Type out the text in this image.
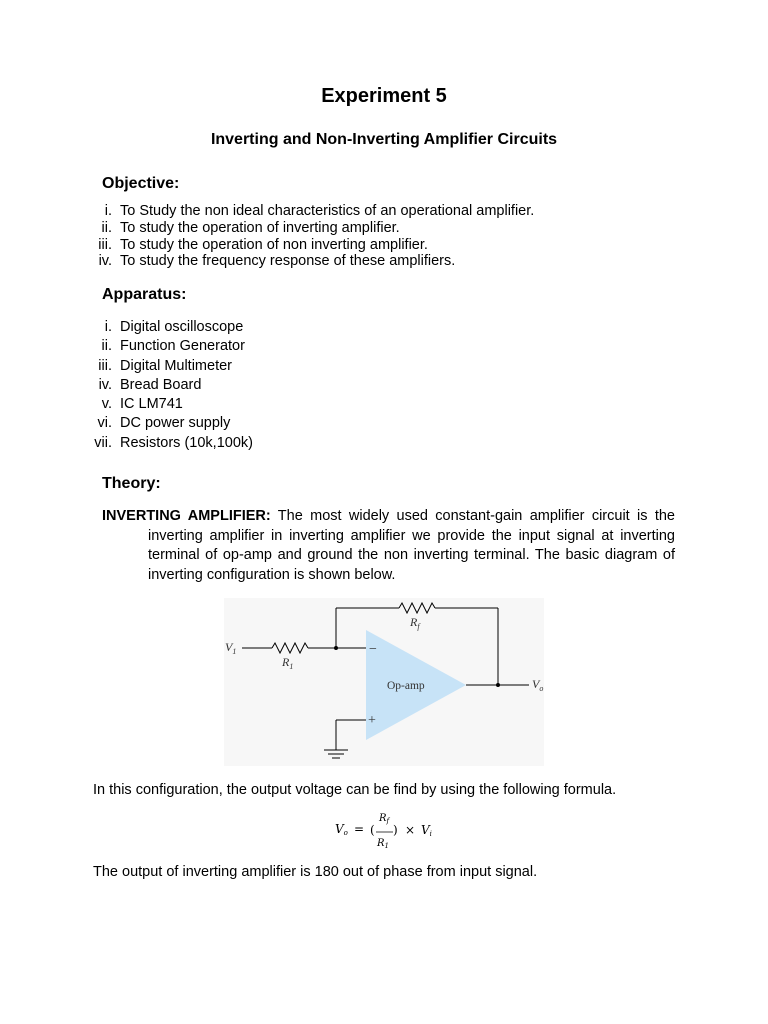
Experiment 5
Inverting and Non-Inverting Amplifier Circuits
Objective:
i. To Study the non ideal characteristics of an operational amplifier.
ii. To study the operation of inverting amplifier.
iii. To study the operation of non inverting amplifier.
iv. To study the frequency response of these amplifiers.
Apparatus:
i. Digital oscilloscope
ii. Function Generator
iii. Digital Multimeter
iv. Bread Board
v. IC LM741
vi. DC power supply
vii. Resistors (10k,100k)
Theory:
INVERTING AMPLIFIER: The most widely used constant-gain amplifier circuit is the inverting amplifier in inverting amplifier we provide the input signal at inverting terminal of op-amp and ground the non inverting terminal. The basic diagram of inverting configuration is shown below.
$V_1$
$R_1$
$R_f$
$V_o$
Op-amp
−
+
In this configuration, the output voltage can be find by using the following formula.
Vo = (
$R_f$
$R_1$
) × Vi
The output of inverting amplifier is 180 out of phase from input signal.
